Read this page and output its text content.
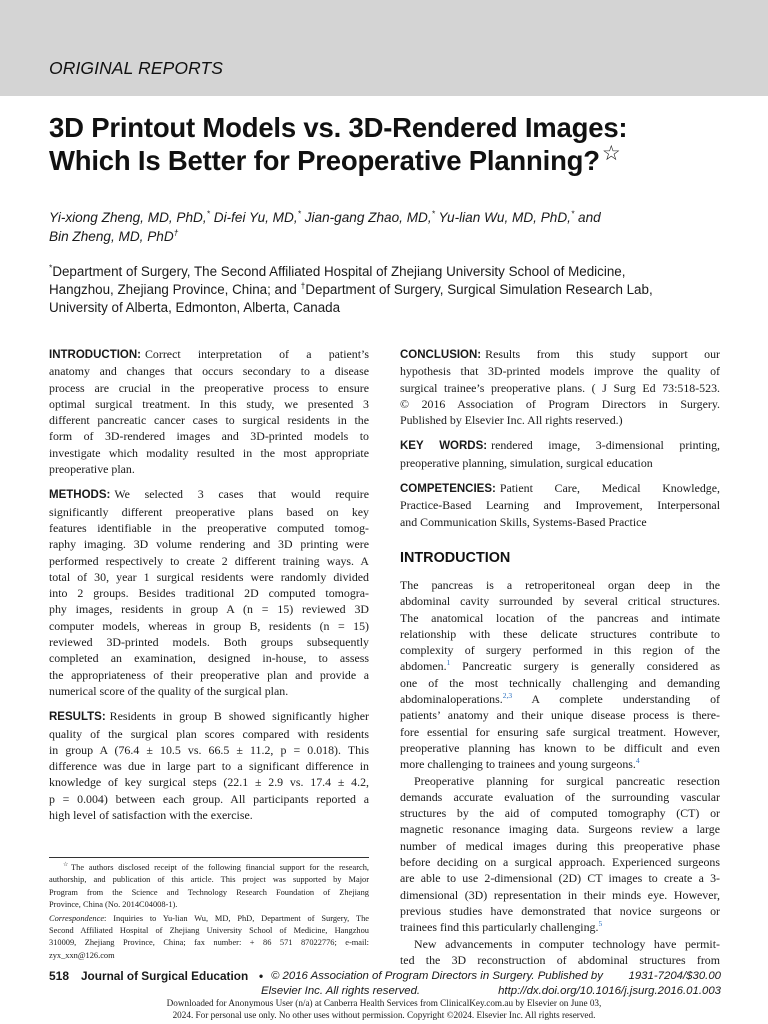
ORIGINAL REPORTS
3D Printout Models vs. 3D-Rendered Images:
Which Is Better for Preoperative Planning?☆
Yi-xiong Zheng, MD, PhD,* Di-fei Yu, MD,* Jian-gang Zhao, MD,* Yu-lian Wu, MD, PhD,* and
Bin Zheng, MD, PhD†
*Department of Surgery, The Second Affiliated Hospital of Zhejiang University School of Medicine,
Hangzhou, Zhejiang Province, China; and †Department of Surgery, Surgical Simulation Research Lab,
University of Alberta, Edmonton, Alberta, Canada
INTRODUCTION: Correct interpretation of a patient’s
anatomy and changes that occurs secondary to a disease
process are crucial in the preoperative process to ensure
optimal surgical treatment. In this study, we presented 3
different pancreatic cancer cases to surgical residents in the
form of 3D-rendered images and 3D-printed models to
investigate which modality resulted in the most appropriate
preoperative plan.
METHODS: We selected 3 cases that would require
significantly different preoperative plans based on key
features identifiable in the preoperative computed tomog-
raphy imaging. 3D volume rendering and 3D printing were
performed respectively to create 2 different training ways. A
total of 30, year 1 surgical residents were randomly divided
into 2 groups. Besides traditional 2D computed tomogra-
phy images, residents in group A (n = 15) reviewed 3D
computer models, whereas in group B, residents (n = 15)
reviewed 3D-printed models. Both groups subsequently
completed an examination, designed in-house, to assess
the appropriateness of their preoperative plan and provide a
numerical score of the quality of the surgical plan.
RESULTS: Residents in group B showed significantly higher
quality of the surgical plan scores compared with residents
in group A (76.4 ± 10.5 vs. 66.5 ± 11.2, p = 0.018). This
difference was due in large part to a significant difference in
knowledge of key surgical steps (22.1 ± 2.9 vs. 17.4 ± 4.2,
p = 0.004) between each group. All participants reported a
high level of satisfaction with the exercise.
CONCLUSION: Results from this study support our
hypothesis that 3D-printed models improve the quality of
surgical trainee’s preoperative plans. ( J Surg Ed 73:518-523.
© 2016 Association of Program Directors in Surgery.
Published by Elsevier Inc. All rights reserved.)
KEY WORDS: rendered image, 3-dimensional printing,
preoperative planning, simulation, surgical education
COMPETENCIES: Patient Care, Medical Knowledge,
Practice-Based Learning and Improvement, Interpersonal
and Communication Skills, Systems-Based Practice
INTRODUCTION
The pancreas is a retroperitoneal organ deep in the
abdominal cavity surrounded by several critical structures.
The anatomical location of the pancreas and intimate
relationship with these delicate structures contribute to
complexity of surgery performed in this region of the
abdomen.$^1$ Pancreatic surgery is generally considered as
one of the most technically challenging and demanding
abdominaloperations.$^{2,3}$ A complete understanding of
patients’ anatomy and their unique disease process is there-
fore essential for ensuring safe surgical treatment. However,
preoperative planning has known to be difficult and even
more challenging to trainees and young surgeons.$^4$
Preoperative planning for surgical pancreatic resection
demands accurate evaluation of the surrounding vascular
structures by the aid of computed tomography (CT) or
magnetic resonance imaging data. Surgeons review a large
number of medical images during this preoperative phase
before deciding on a surgical approach. Experienced surgeons
are able to use 2-dimensional (2D) CT images to create a 3-
dimensional (3D) representation in their minds eye. However,
previous studies have demonstrated that novice surgeons or
trainees find this particularly challenging.$^5$
New advancements in computer technology have permit-
ted the 3D reconstruction of abdominal structures from
☆The authors disclosed receipt of the following financial support for the research,
authorship, and publication of this article. This project was supported by Major
Program from the Science and Technology Research Foundation of Zhejiang
Province, China (No. 2014C04008-1).
Correspondence: Inquiries to Yu-lian Wu, MD, PhD, Department of Surgery, The
Second Affiliated Hospital of Zhejiang University School of Medicine, Hangzhou
310009, Zhejiang Province, China; fax number: + 86 571 87022776; e-mail:
zyx_xxn@126.com
518 Journal of Surgical Education • © 2016 Association of Program Directors in Surgery. Published by 1931-7204/$30.00
Elsevier Inc. All rights reserved.	http://dx.doi.org/10.1016/j.jsurg.2016.01.003
Downloaded for Anonymous User (n/a) at Canberra Health Services from ClinicalKey.com.au by Elsevier on June 03,
2024. For personal use only. No other uses without permission. Copyright ©2024. Elsevier Inc. All rights reserved.
